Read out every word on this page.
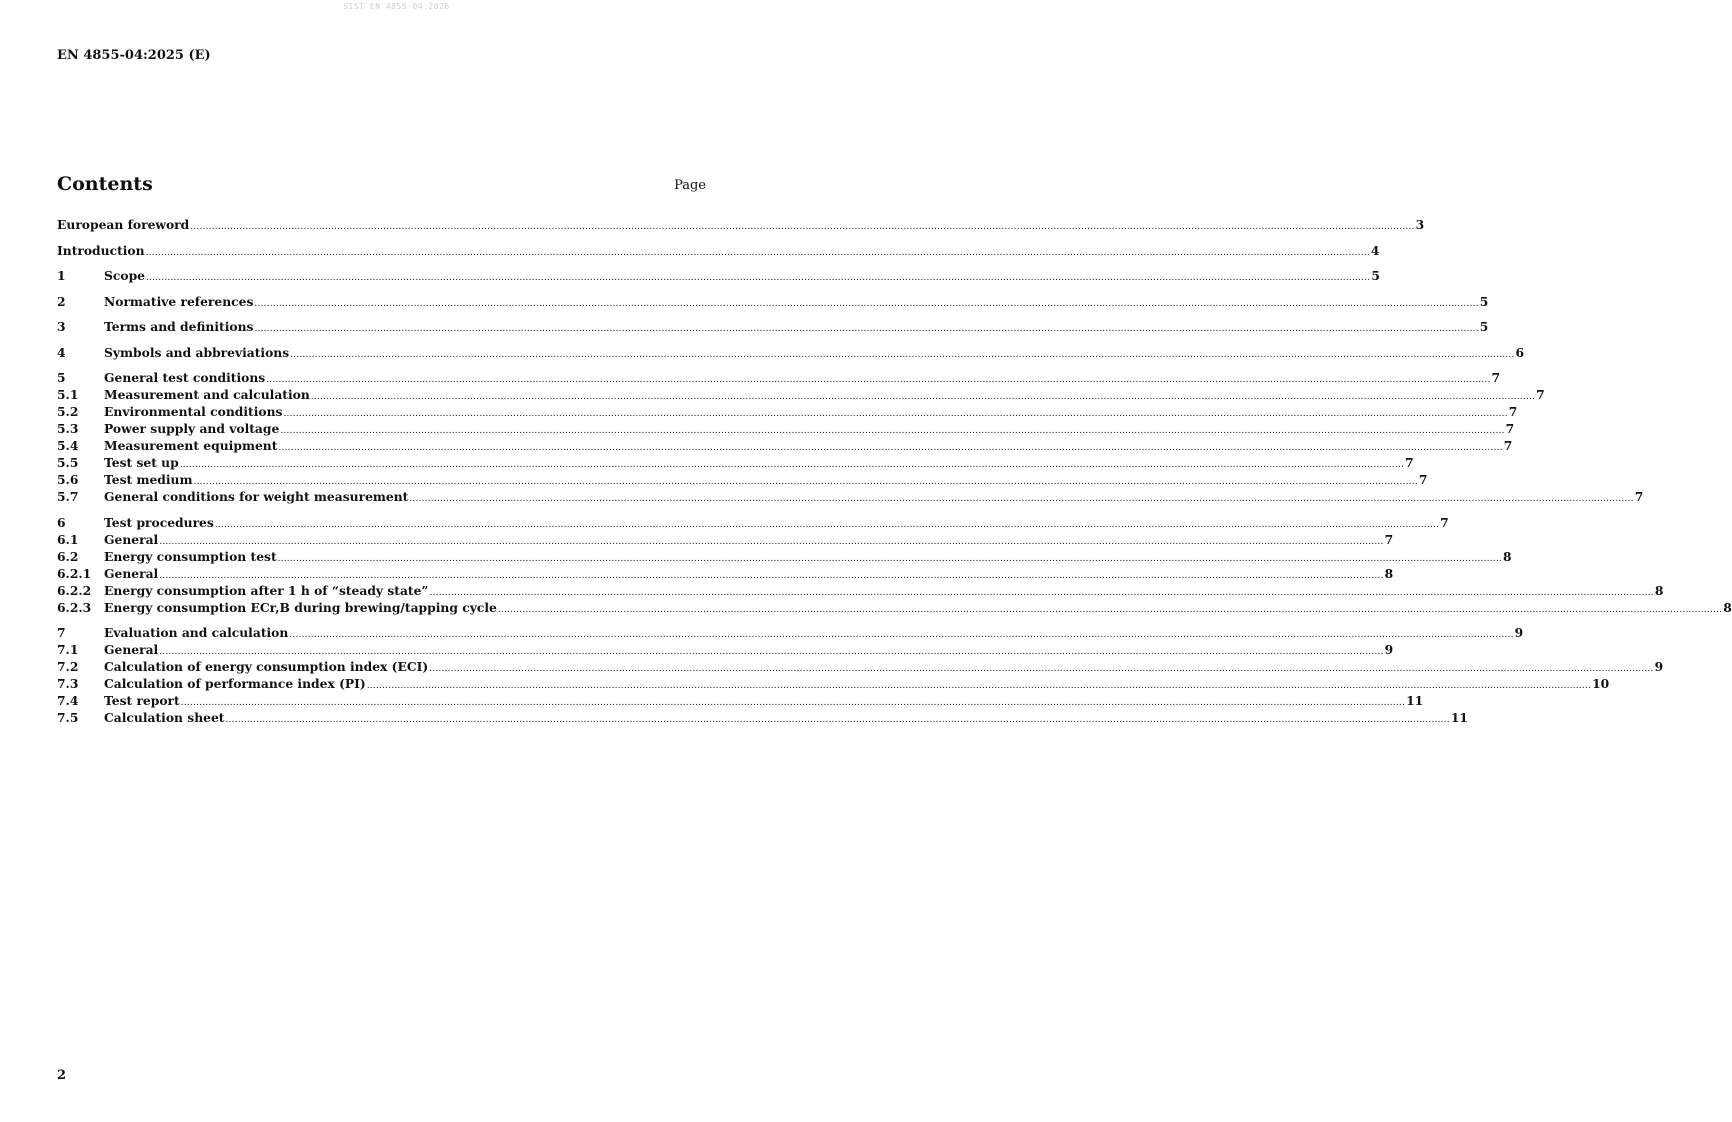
SIST EN 4855-04:2026
EN 4855-04:2025 (E)
Contents	Page
European foreword ................................................................................................................................................................................................................................................................................................................................................................................................................ 3
Introduction ................................................................................................................................................................................................................................................................................................................................................................................................................ 4
1	Scope ................................................................................................................................................................................................................................................................................................................................................................................................................ 5
2	Normative references ................................................................................................................................................................................................................................................................................................................................................................................................................ 5
3	Terms and definitions ................................................................................................................................................................................................................................................................................................................................................................................................................ 5
4	Symbols and abbreviations ................................................................................................................................................................................................................................................................................................................................................................................................................ 6
5	General test conditions ................................................................................................................................................................................................................................................................................................................................................................................................................ 7
5.1	Measurement and calculation ................................................................................................................................................................................................................................................................................................................................................................................................................ 7
5.2	Environmental conditions ................................................................................................................................................................................................................................................................................................................................................................................................................ 7
5.3	Power supply and voltage ................................................................................................................................................................................................................................................................................................................................................................................................................ 7
5.4	Measurement equipment ................................................................................................................................................................................................................................................................................................................................................................................................................ 7
5.5	Test set up ................................................................................................................................................................................................................................................................................................................................................................................................................ 7
5.6	Test medium ................................................................................................................................................................................................................................................................................................................................................................................................................ 7
5.7	General conditions for weight measurement ................................................................................................................................................................................................................................................................................................................................................................................................................ 7
6	Test procedures ................................................................................................................................................................................................................................................................................................................................................................................................................ 7
6.1	General ................................................................................................................................................................................................................................................................................................................................................................................................................ 7
6.2	Energy consumption test ................................................................................................................................................................................................................................................................................................................................................................................................................ 8
6.2.1	General ................................................................................................................................................................................................................................................................................................................................................................................................................ 8
6.2.2	Energy consumption after 1 h of “steady state” ................................................................................................................................................................................................................................................................................................................................................................................................................ 8
6.2.3	Energy consumption ECr,B during brewing/tapping cycle ................................................................................................................................................................................................................................................................................................................................................................................................................ 8
7	Evaluation and calculation ................................................................................................................................................................................................................................................................................................................................................................................................................ 9
7.1	General ................................................................................................................................................................................................................................................................................................................................................................................................................ 9
7.2	Calculation of energy consumption index (ECI) ................................................................................................................................................................................................................................................................................................................................................................................................................ 9
7.3	Calculation of performance index (PI) ................................................................................................................................................................................................................................................................................................................................................................................................................ 10
7.4	Test report ................................................................................................................................................................................................................................................................................................................................................................................................................ 11
7.5	Calculation sheet ................................................................................................................................................................................................................................................................................................................................................................................................................ 11
2
